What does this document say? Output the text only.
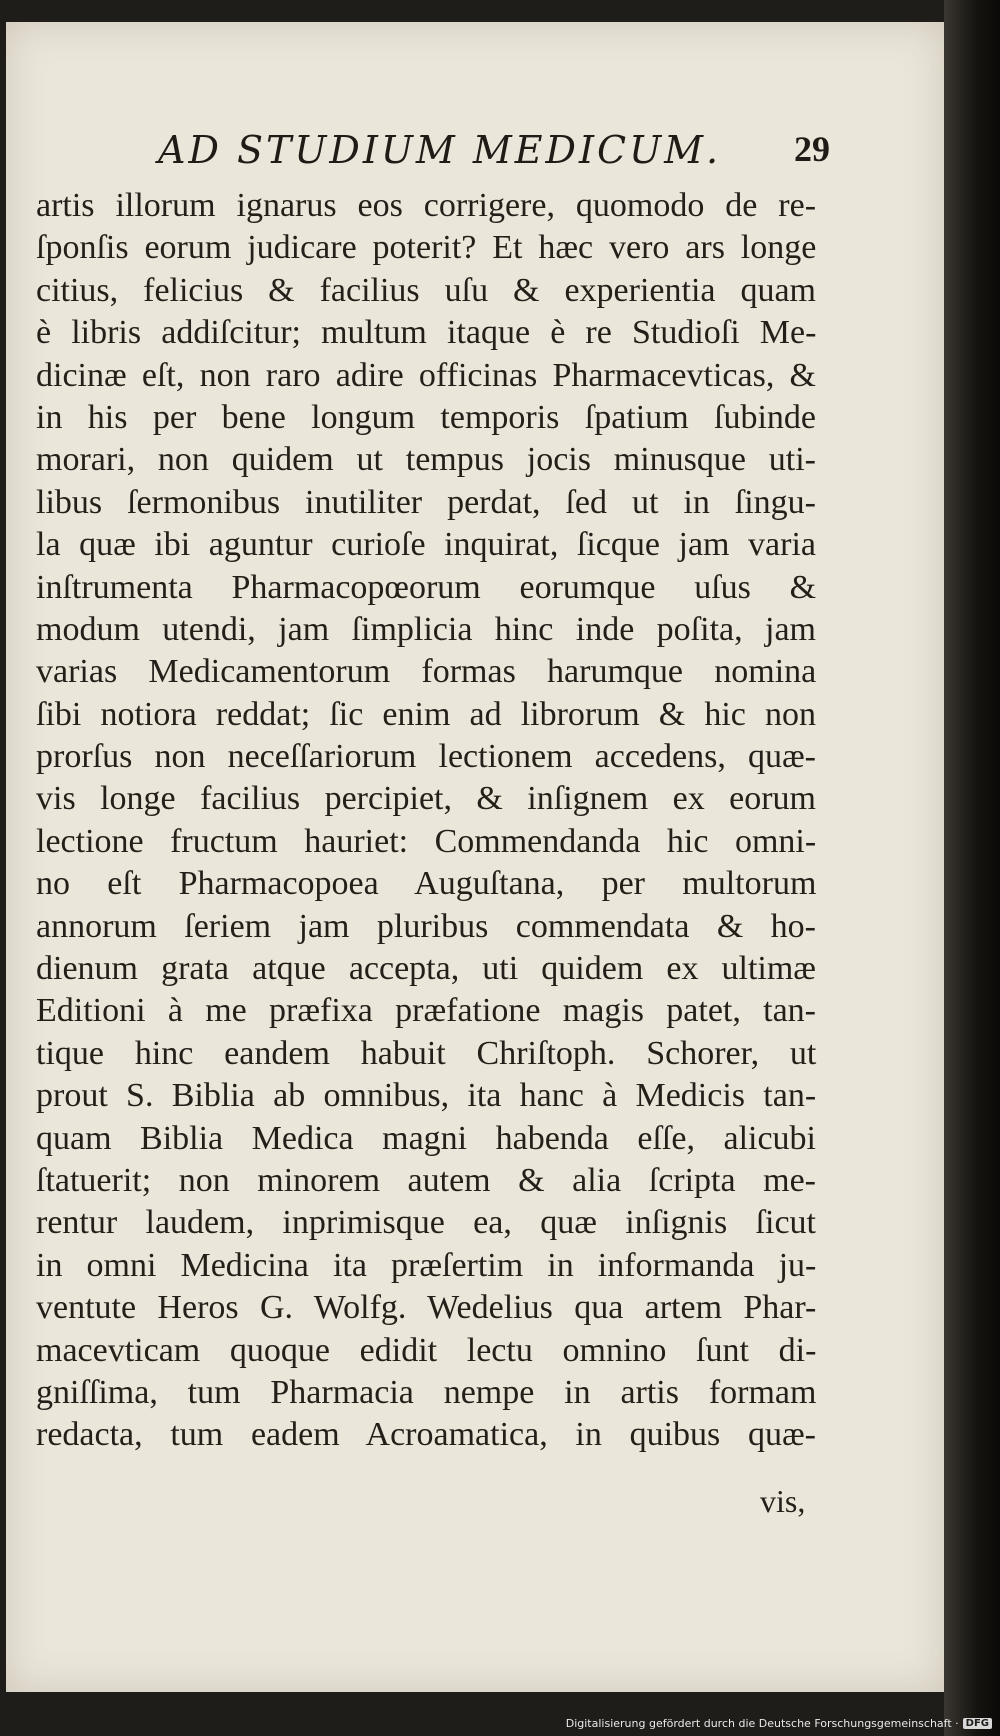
AD STUDIUM MEDICUM. 29
artis illorum ignarus eos corrigere, quomodo de re-
ſponſis eorum judicare poterit? Et hæc vero ars longe
citius, felicius & facilius uſu & experientia quam
è libris addiſcitur; multum itaque è re Studioſi Me-
dicinæ eſt, non raro adire officinas Pharmacevticas, &
in his per bene longum temporis ſpatium ſubinde
morari, non quidem ut tempus jocis minusque uti-
libus ſermonibus inutiliter perdat, ſed ut in ſingu-
la quæ ibi aguntur curioſe inquirat, ſicque jam varia
inſtrumenta Pharmacopœorum eorumque uſus &
modum utendi, jam ſimplicia hinc inde poſita, jam
varias Medicamentorum formas harumque nomina
ſibi notiora reddat; ſic enim ad librorum & hic non
prorſus non neceſſariorum lectionem accedens, quæ-
vis longe facilius percipiet, & inſignem ex eorum
lectione fructum hauriet: Commendanda hic omni-
no eſt Pharmacopoea Auguſtana, per multorum
annorum ſeriem jam pluribus commendata & ho-
dienum grata atque accepta, uti quidem ex ultimæ
Editioni à me præfixa præfatione magis patet, tan-
tique hinc eandem habuit Chriſtoph. Schorer, ut
prout S. Biblia ab omnibus, ita hanc à Medicis tan-
quam Biblia Medica magni habenda eſſe, alicubi
ſtatuerit; non minorem autem & alia ſcripta me-
rentur laudem, inprimisque ea, quæ inſignis ſicut
in omni Medicina ita præſertim in informanda ju-
ventute Heros G. Wolfg. Wedelius qua artem Phar-
macevticam quoque edidit lectu omnino ſunt di-
gniſſima, tum Pharmacia nempe in artis formam
redacta, tum eadem Acroamatica, in quibus quæ-
vis,
Digitalisierung gefördert durch die Deutsche Forschungsgemeinschaft · DFG
